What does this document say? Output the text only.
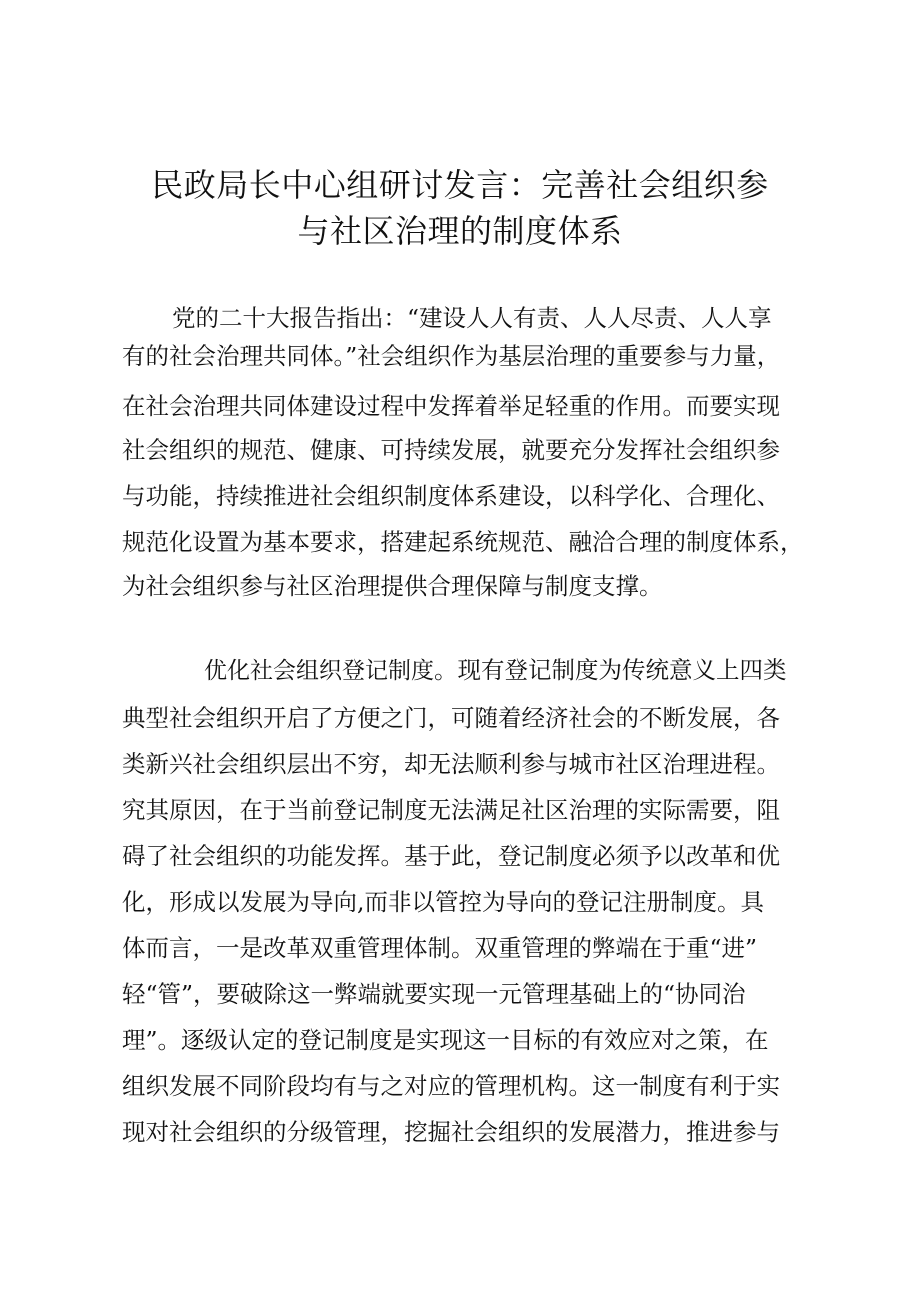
民政局长中心组研讨发言：完善社会组织参
与社区治理的制度体系

党的二十大报告指出：“建设人人有责、人人尽责、人人享

有的社会治理共同体。”社会组织作为基层治理的重要参与力量，

在社会治理共同体建设过程中发挥着举足轻重的作用。而要实现

社会组织的规范、健康、可持续发展，就要充分发挥社会组织参

与功能，持续推进社会组织制度体系建设，以科学化、合理化、

规范化设置为基本要求，搭建起系统规范、融洽合理的制度体系，

为社会组织参与社区治理提供合理保障与制度支撑。

优化社会组织登记制度。现有登记制度为传统意义上四类

典型社会组织开启了方便之门，可随着经济社会的不断发展，各

类新兴社会组织层出不穷，却无法顺利参与城市社区治理进程。

究其原因，在于当前登记制度无法满足社区治理的实际需要，阻

碍了社会组织的功能发挥。基于此，登记制度必须予以改革和优

化，形成以发展为导向,而非以管控为导向的登记注册制度。具

体而言，一是改革双重管理体制。双重管理的弊端在于重“进”

轻“管”，要破除这一弊端就要实现一元管理基础上的“协同治

理”。逐级认定的登记制度是实现这一目标的有效应对之策，在

组织发展不同阶段均有与之对应的管理机构。这一制度有利于实

现对社会组织的分级管理，挖掘社会组织的发展潜力，推进参与
